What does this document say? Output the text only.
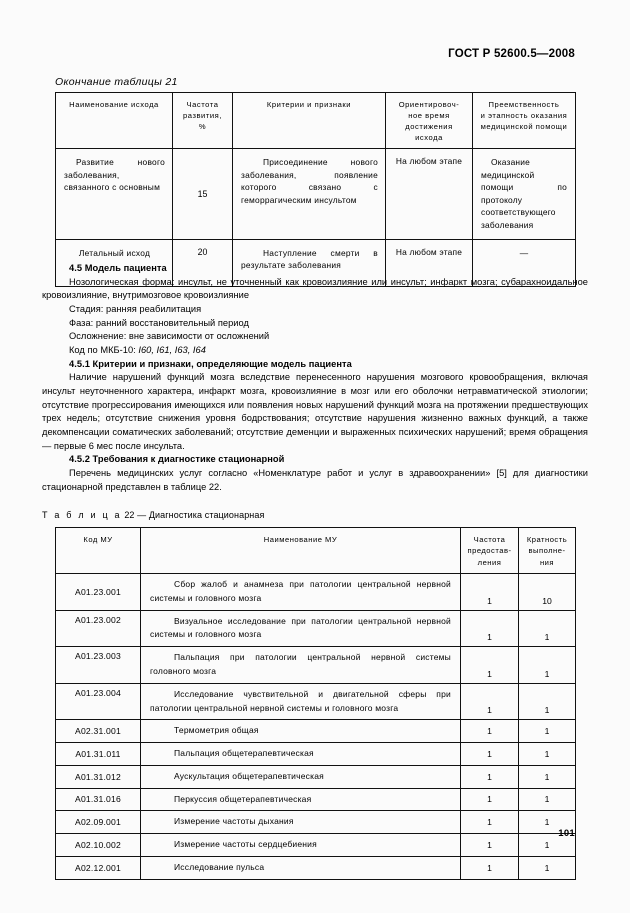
ГОСТ Р 52600.5—2008
Окончание таблицы 21
Наименование исхода	Частота
развития,
%	Критерии и признаки	Ориентировоч-
ное время
достижения
исхода	Преемственность
и этапность оказания
медицинской помощи
Развитие нового заболевания, связанного с основным	15	Присоединение нового заболевания, появление которого связано с геморрагическим инсультом	На любом этапе	Оказание медицинской помощи по протоколу соответствующего заболевания
Летальный исход	20	Наступление смерти в результате заболевания	На любом этапе	—

4.5 Модель пациента

Нозологическая форма: инсульт, не уточненный как кровоизлияние или инсульт; инфаркт мозга; субарахноидальное кровоизлияние, внутримозговое кровоизлияние

Стадия: ранняя реабилитация

Фаза: ранний восстановительный период

Осложнение: вне зависимости от осложнений

Код по МКБ-10: I60, I61, I63, I64

4.5.1 Критерии и признаки, определяющие модель пациента

Наличие нарушений функций мозга вследствие перенесенного нарушения мозгового кровообращения, включая инсульт неуточненного характера, инфаркт мозга, кровоизлияние в мозг или его оболочки нетравматической этиологии; отсутствие прогрессирования имеющихся или появления новых нарушений функций мозга на протяжении предшествующих трех недель; отсутствие снижения уровня бодрствования; отсутствие нарушения жизненно важных функций, а также декомпенсации соматических заболеваний; отсутствие деменции и выраженных психических нарушений; время обращения — первые 6 мес после инсульта.

4.5.2 Требования к диагностике стационарной

Перечень медицинских услуг согласно «Номенклатуре работ и услуг в здравоохранении» [5] для диагностики стационарной представлен в таблице 22.

Т а б л и ц а 22 — Диагностика стационарная
Код МУ	Наименование МУ	Частота
предостав-
ления	Кратность
выполне-
ния
А01.23.001	Сбор жалоб и анамнеза при патологии центральной нервной системы и головного мозга	1	10
А01.23.002	Визуальное исследование при патологии центральной нервной системы и головного мозга	1	1
А01.23.003	Пальпация при патологии центральной нервной системы головного мозга	1	1
А01.23.004	Исследование чувствительной и двигательной сферы при патологии центральной нервной системы и головного мозга	1	1
А02.31.001	Термометрия общая	1	1
А01.31.011	Пальпация общетерапевтическая	1	1
А01.31.012	Аускультация общетерапевтическая	1	1
А01.31.016	Перкуссия общетерапевтическая	1	1
А02.09.001	Измерение частоты дыхания	1	1
А02.10.002	Измерение частоты сердцебиения	1	1
А02.12.001	Исследование пульса	1	1
101
